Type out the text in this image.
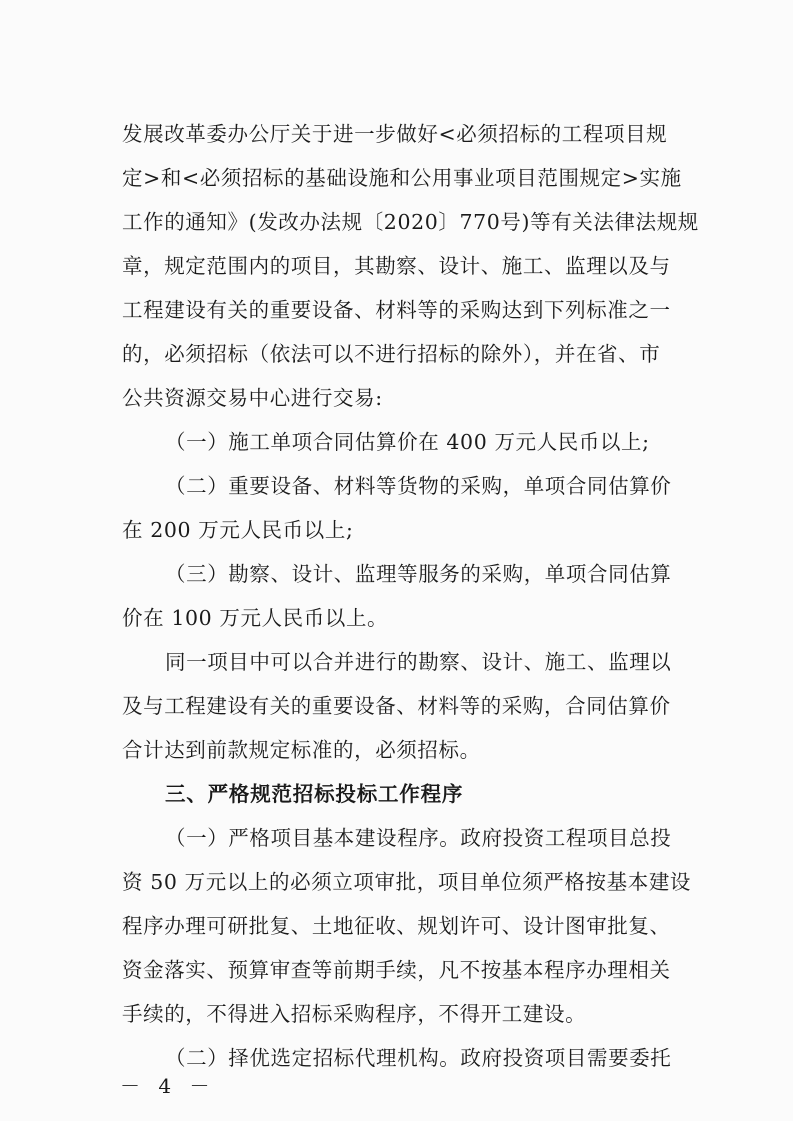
发展改革委办公厅关于进一步做好<必须招标的工程项目规
定>和<必须招标的基础设施和公用事业项目范围规定>实施
工作的通知》(发改办法规〔2020〕770号)等有关法律法规规
章，规定范围内的项目，其勘察、设计、施工、监理以及与
工程建设有关的重要设备、材料等的采购达到下列标准之一
的，必须招标（依法可以不进行招标的除外），并在省、市
公共资源交易中心进行交易:
（一）施工单项合同估算价在 400 万元人民币以上;
（二）重要设备、材料等货物的采购，单项合同估算价
在 200 万元人民币以上;
（三）勘察、设计、监理等服务的采购，单项合同估算
价在 100 万元人民币以上。
同一项目中可以合并进行的勘察、设计、施工、监理以
及与工程建设有关的重要设备、材料等的采购，合同估算价
合计达到前款规定标准的，必须招标。
三、严格规范招标投标工作程序
（一）严格项目基本建设程序。政府投资工程项目总投
资 50 万元以上的必须立项审批，项目单位须严格按基本建设
程序办理可研批复、土地征收、规划许可、设计图审批复、
资金落实、预算审查等前期手续，凡不按基本程序办理相关
手续的，不得进入招标采购程序，不得开工建设。
（二）择优选定招标代理机构。政府投资项目需要委托
－ 4 －
